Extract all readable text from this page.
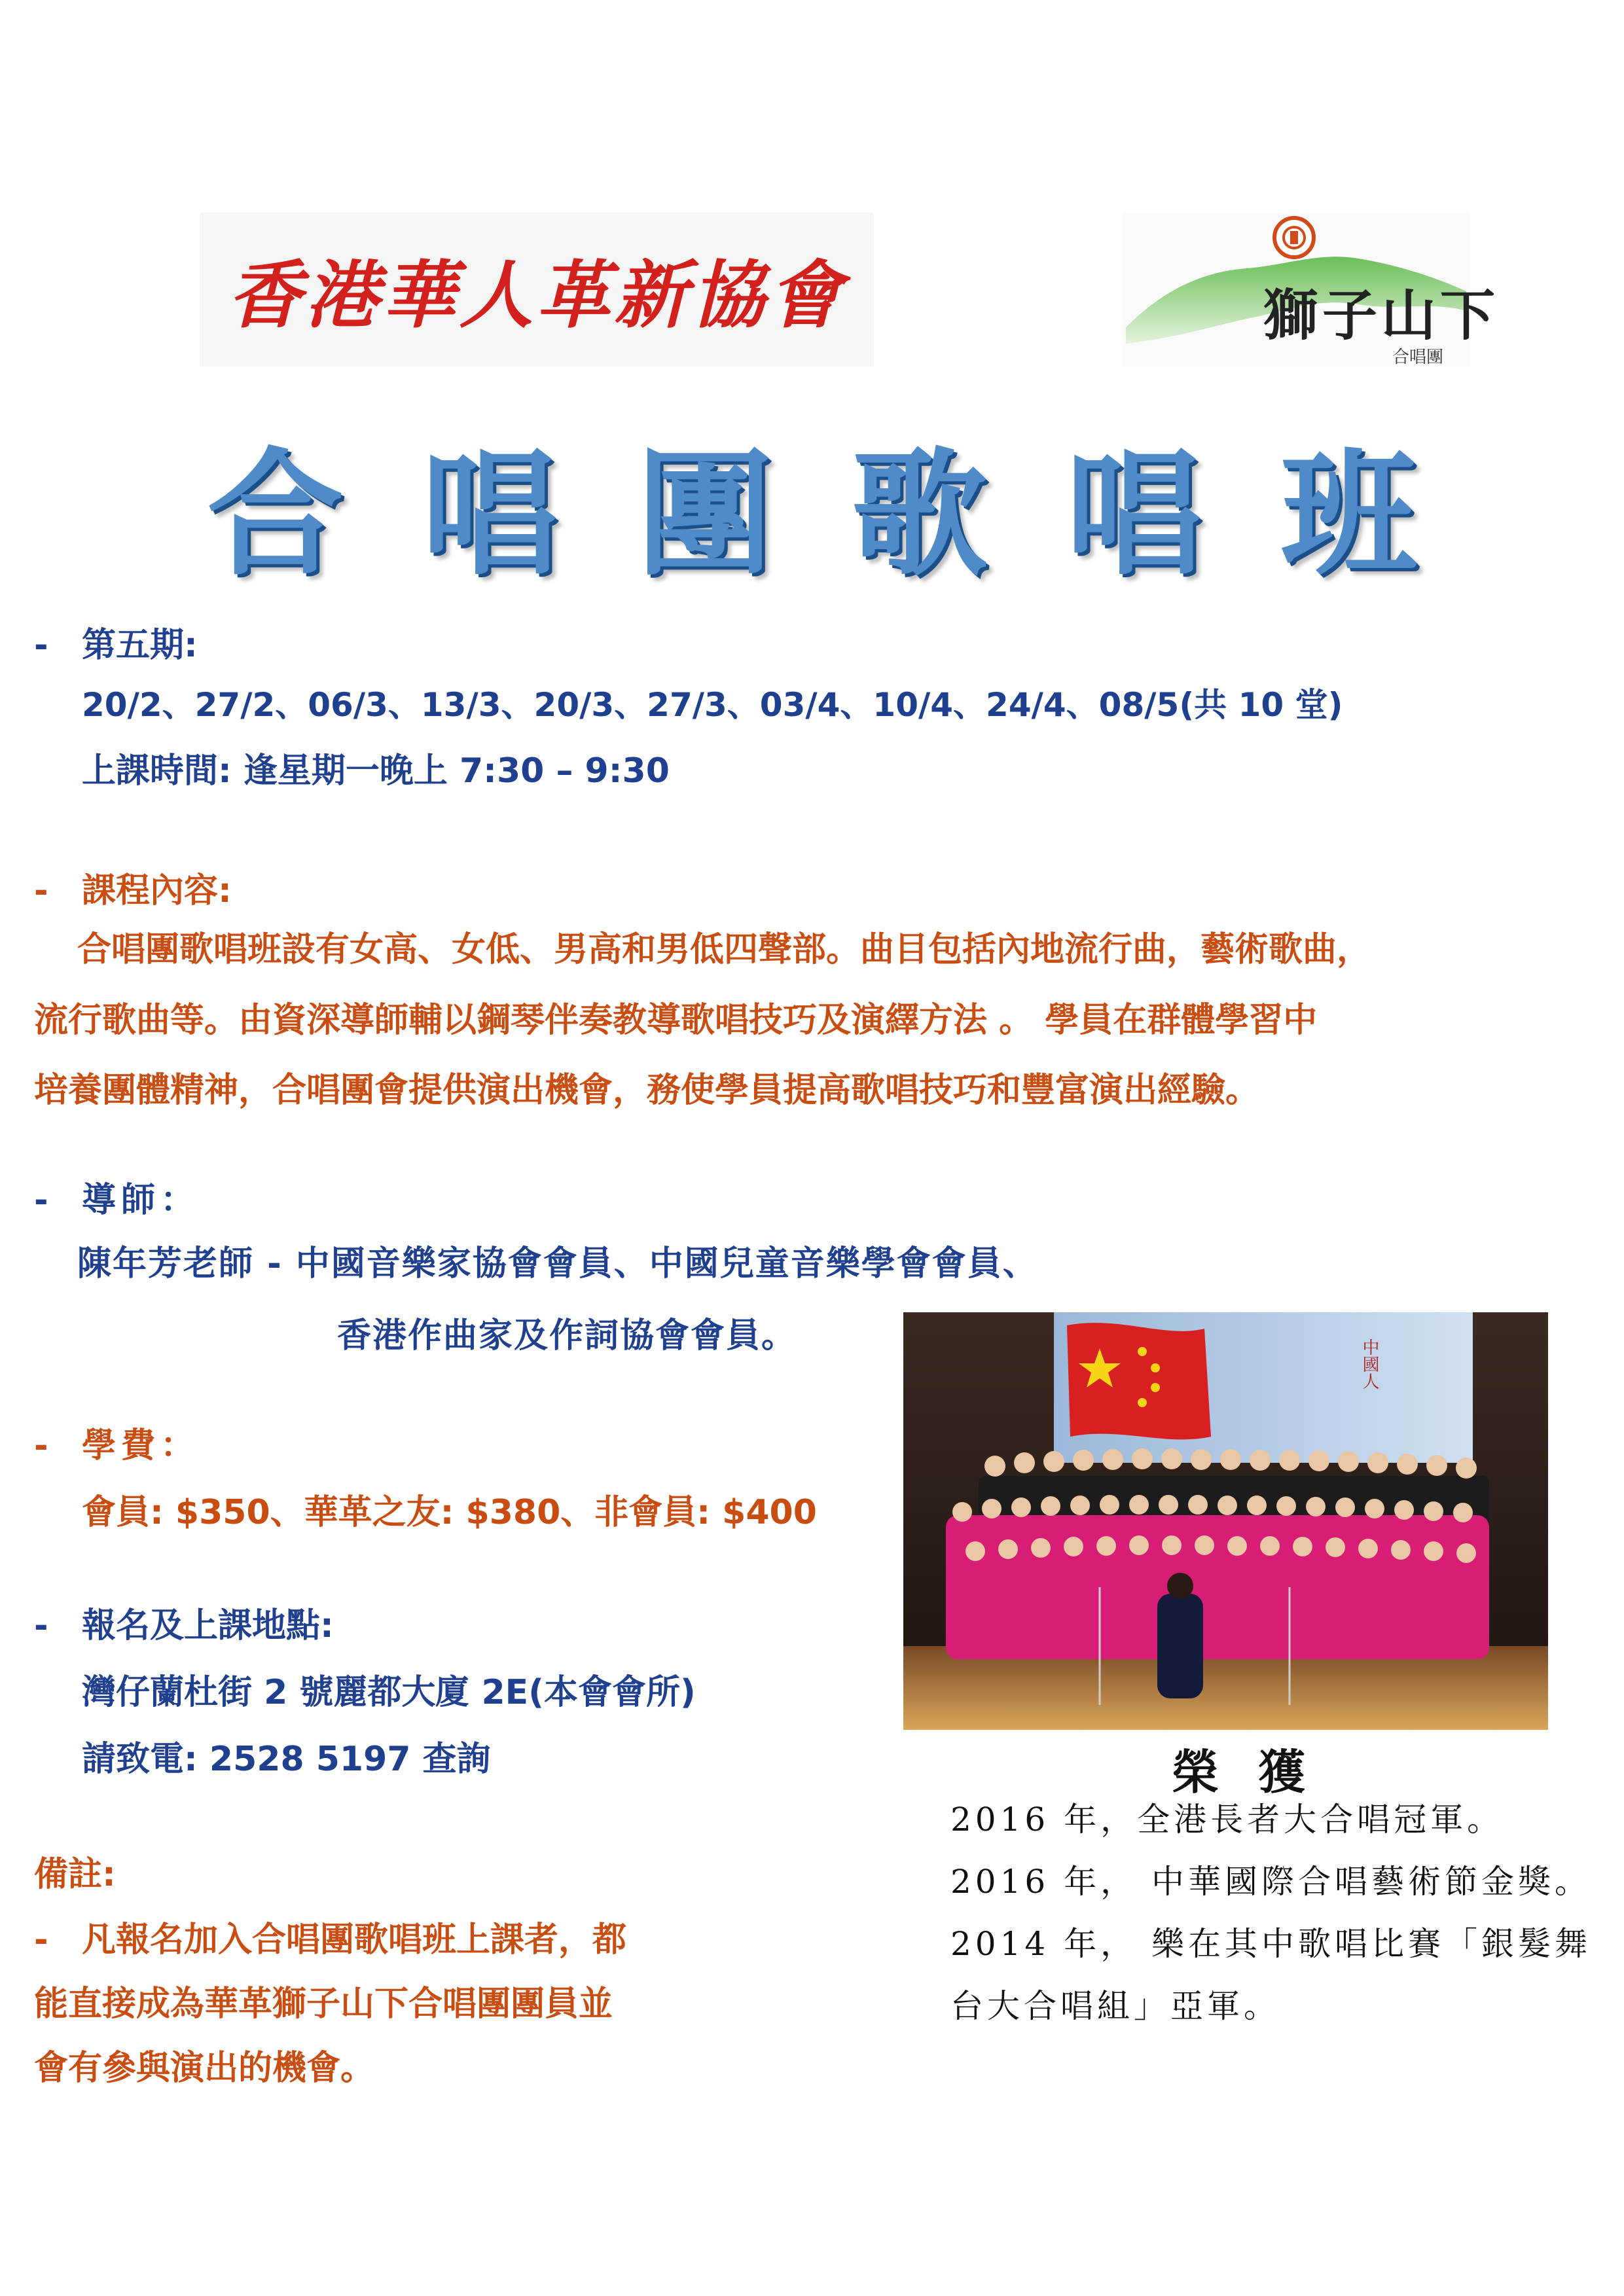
香港華人革新協會	獅子山下
合唱團
合唱團歌唱班
- 第五期:
20/2、27/2、06/3、13/3、20/3、27/3、03/4、10/4、24/4、08/5(共 10 堂)
上課時間: 逢星期一晚上 7:30 – 9:30
- 課程內容:
合唱團歌唱班設有女高、女低、男高和男低四聲部。曲目包括內地流行曲，藝術歌曲，
流行歌曲等。由資深導師輔以鋼琴伴奏教導歌唱技巧及演繹方法 。 學員在群體學習中
培養團體精神，合唱團會提供演出機會，務使學員提高歌唱技巧和豐富演出經驗。
- 導師：
陳年芳老師 - 中國音樂家協會會員、中國兒童音樂學會會員、
香港作曲家及作詞協會會員。
- 學費：
會員: $350、華革之友: $380、非會員: $400
- 報名及上課地點:
灣仔蘭杜街 2 號麗都大廈 2E(本會會所)
請致電: 2528 5197 查詢
備註:
- 凡報名加入合唱團歌唱班上課者，都
能直接成為華革獅子山下合唱團團員並
會有參與演出的機會。
中國人
榮獲
2016 年，全港長者大合唱冠軍。
2016 年， 中華國際合唱藝術節金獎。
2014 年， 樂在其中歌唱比賽「銀髮舞
台大合唱組」亞軍。
